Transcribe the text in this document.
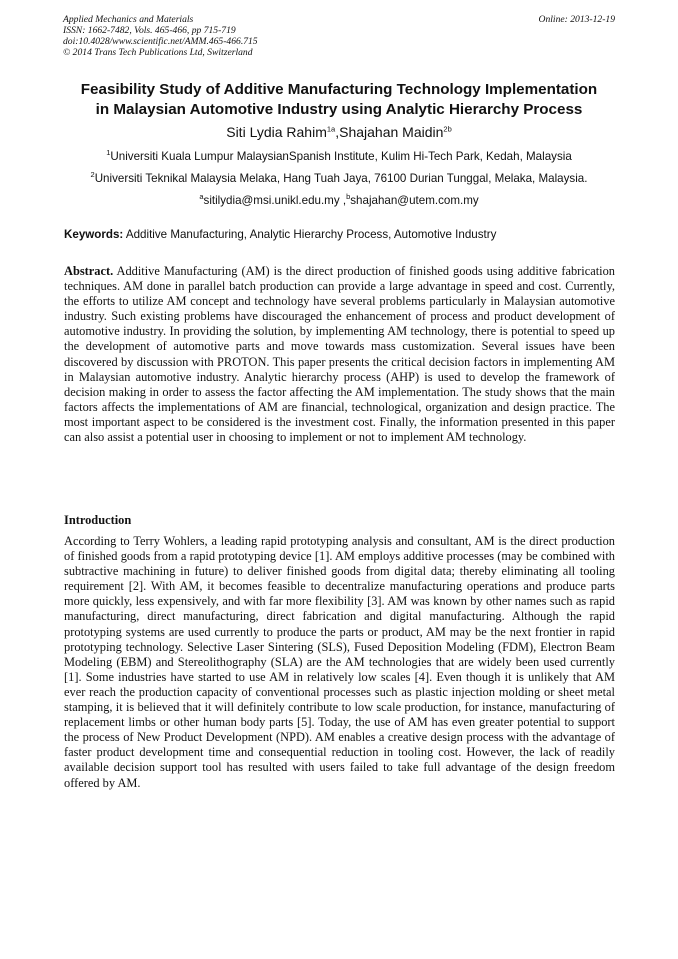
Applied Mechanics and Materials
ISSN: 1662-7482, Vols. 465-466, pp 715-719
doi:10.4028/www.scientific.net/AMM.465-466.715
© 2014 Trans Tech Publications Ltd, Switzerland
Online: 2013-12-19
Feasibility Study of Additive Manufacturing Technology Implementation
in Malaysian Automotive Industry using Analytic Hierarchy Process
Siti Lydia Rahim$^{1a}$,Shajahan Maidin$^{2b}$
$^1$Universiti Kuala Lumpur MalaysianSpanish Institute, Kulim Hi-Tech Park, Kedah, Malaysia
$^2$Universiti Teknikal Malaysia Melaka, Hang Tuah Jaya, 76100 Durian Tunggal, Melaka, Malaysia.
$^a$sitilydia@msi.unikl.edu.my ,$^b$shajahan@utem.com.my
Keywords: Additive Manufacturing, Analytic Hierarchy Process, Automotive Industry
Abstract. Additive Manufacturing (AM) is the direct production of finished goods using additive fabrication techniques. AM done in parallel batch production can provide a large advantage in speed and cost. Currently, the efforts to utilize AM concept and technology have several problems particularly in Malaysian automotive industry. Such existing problems have discouraged the enhancement of process and product development of automotive industry. In providing the solution, by implementing AM technology, there is potential to speed up the development of automotive parts and move towards mass customization. Several issues have been discovered by discussion with PROTON. This paper presents the critical decision factors in implementing AM in Malaysian automotive industry. Analytic hierarchy process (AHP) is used to develop the framework of decision making in order to assess the factor affecting the AM implementation. The study shows that the main factors affects the implementations of AM are financial, technological, organization and design practice. The most important aspect to be considered is the investment cost. Finally, the information presented in this paper can also assist a potential user in choosing to implement or not to implement AM technology.
Introduction
According to Terry Wohlers, a leading rapid prototyping analysis and consultant, AM is the direct production of finished goods from a rapid prototyping device [1]. AM employs additive processes (may be combined with subtractive machining in future) to deliver finished goods from digital data; thereby eliminating all tooling requirement [2]. With AM, it becomes feasible to decentralize manufacturing operations and produce parts more quickly, less expensively, and with far more flexibility [3]. AM was known by other names such as rapid manufacturing, direct manufacturing, direct fabrication and digital manufacturing. Although the rapid prototyping systems are used currently to produce the parts or product, AM may be the next frontier in rapid prototyping technology. Selective Laser Sintering (SLS), Fused Deposition Modeling (FDM), Electron Beam Modeling (EBM) and Stereolithography (SLA) are the AM technologies that are widely been used currently [1]. Some industries have started to use AM in relatively low scales [4]. Even though it is unlikely that AM ever reach the production capacity of conventional processes such as plastic injection molding or sheet metal stamping, it is believed that it will definitely contribute to low scale production, for instance, manufacturing of replacement limbs or other human body parts [5]. Today, the use of AM has even greater potential to support the process of New Product Development (NPD). AM enables a creative design process with the advantage of faster product development time and consequential reduction in tooling cost. However, the lack of readily available decision support tool has resulted with users failed to take full advantage of the design freedom offered by AM.
